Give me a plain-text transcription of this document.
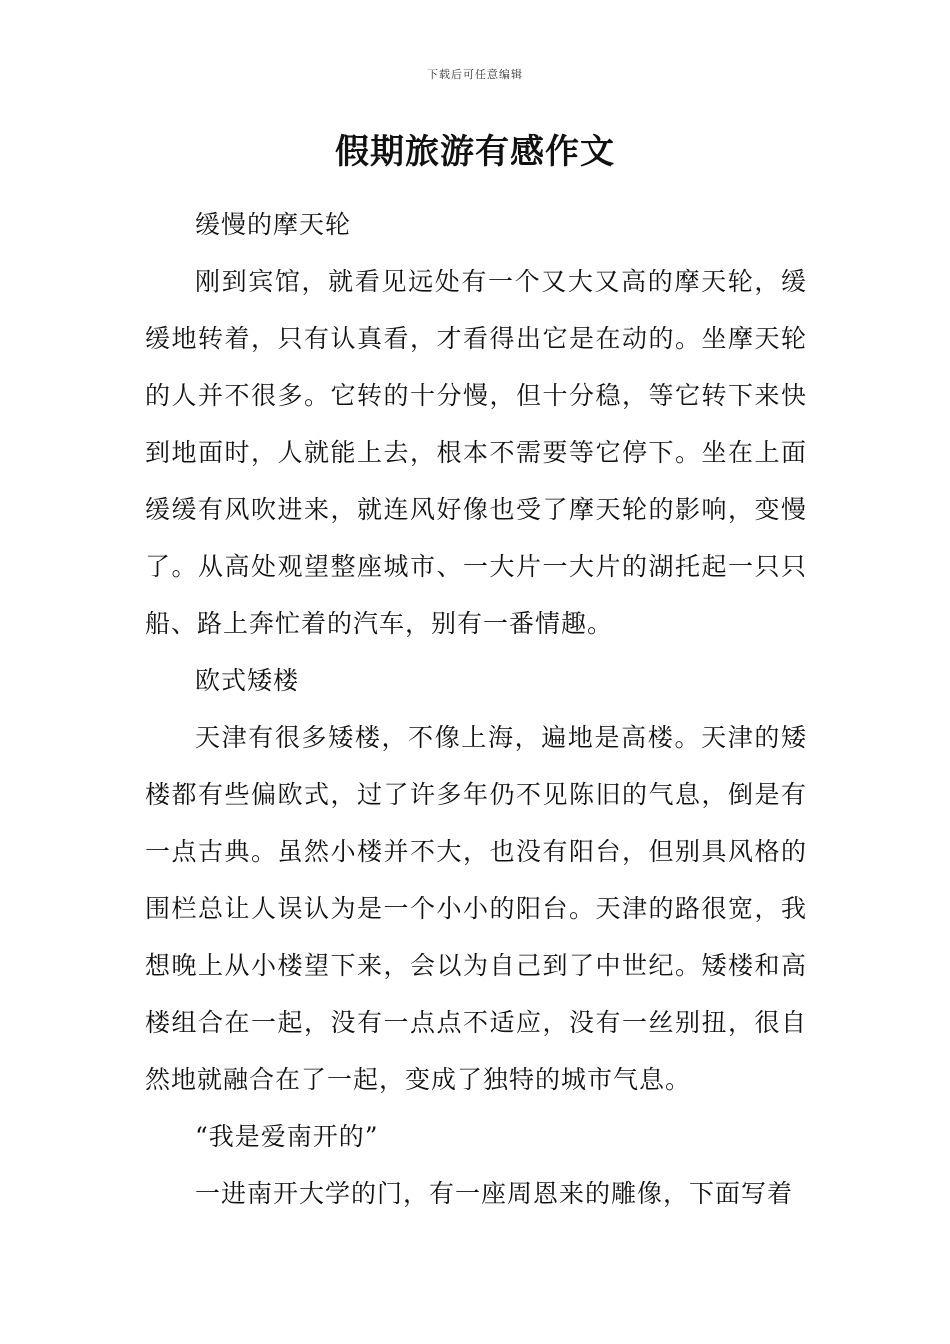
下载后可任意编辑
假期旅游有感作文

缓慢的摩天轮

刚到宾馆，就看见远处有一个又大又高的摩天轮，缓缓地转着，只有认真看，才看得出它是在动的。坐摩天轮的人并不很多。它转的十分慢，但十分稳，等它转下来快到地面时，人就能上去，根本不需要等它停下。坐在上面缓缓有风吹进来，就连风好像也受了摩天轮的影响，变慢了。从高处观望整座城市、一大片一大片的湖托起一只只船、路上奔忙着的汽车，别有一番情趣。

欧式矮楼

天津有很多矮楼，不像上海，遍地是高楼。天津的矮楼都有些偏欧式，过了许多年仍不见陈旧的气息，倒是有一点古典。虽然小楼并不大，也没有阳台，但别具风格的围栏总让人误认为是一个小小的阳台。天津的路很宽，我想晚上从小楼望下来，会以为自己到了中世纪。矮楼和高楼组合在一起，没有一点点不适应，没有一丝别扭，很自然地就融合在了一起，变成了独特的城市气息。

“我是爱南开的”

一进南开大学的门，有一座周恩来的雕像，下面写着
